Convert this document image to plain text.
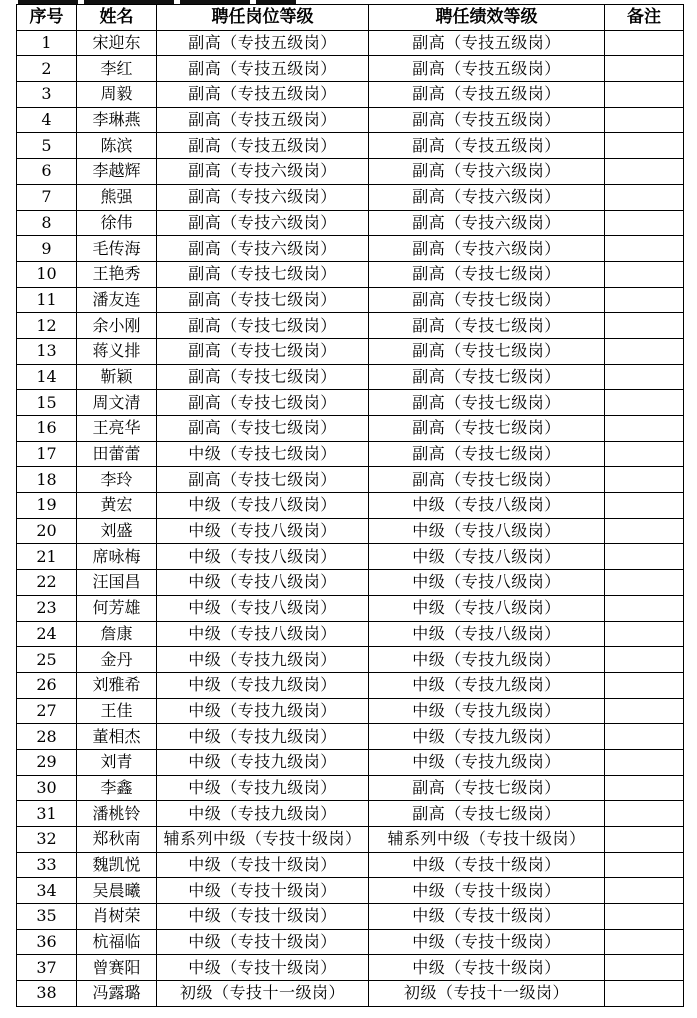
序号	姓名	聘任岗位等级	聘任绩效等级	备注
1	宋迎东	副高（专技五级岗）	副高（专技五级岗）	
2	李红	副高（专技五级岗）	副高（专技五级岗）	
3	周毅	副高（专技五级岗）	副高（专技五级岗）	
4	李琳燕	副高（专技五级岗）	副高（专技五级岗）	
5	陈滨	副高（专技五级岗）	副高（专技五级岗）	
6	李越辉	副高（专技六级岗）	副高（专技六级岗）	
7	熊强	副高（专技六级岗）	副高（专技六级岗）	
8	徐伟	副高（专技六级岗）	副高（专技六级岗）	
9	毛传海	副高（专技六级岗）	副高（专技六级岗）	
10	王艳秀	副高（专技七级岗）	副高（专技七级岗）	
11	潘友连	副高（专技七级岗）	副高（专技七级岗）	
12	余小刚	副高（专技七级岗）	副高（专技七级岗）	
13	蒋义排	副高（专技七级岗）	副高（专技七级岗）	
14	靳颖	副高（专技七级岗）	副高（专技七级岗）	
15	周文清	副高（专技七级岗）	副高（专技七级岗）	
16	王亮华	副高（专技七级岗）	副高（专技七级岗）	
17	田蕾蕾	中级（专技七级岗）	副高（专技七级岗）	
18	李玲	副高（专技七级岗）	副高（专技七级岗）	
19	黄宏	中级（专技八级岗）	中级（专技八级岗）	
20	刘盛	中级（专技八级岗）	中级（专技八级岗）	
21	席咏梅	中级（专技八级岗）	中级（专技八级岗）	
22	汪国昌	中级（专技八级岗）	中级（专技八级岗）	
23	何芳雄	中级（专技八级岗）	中级（专技八级岗）	
24	詹康	中级（专技八级岗）	中级（专技八级岗）	
25	金丹	中级（专技九级岗）	中级（专技九级岗）	
26	刘雅希	中级（专技九级岗）	中级（专技九级岗）	
27	王佳	中级（专技九级岗）	中级（专技九级岗）	
28	董相杰	中级（专技九级岗）	中级（专技九级岗）	
29	刘青	中级（专技九级岗）	中级（专技九级岗）	
30	李鑫	中级（专技九级岗）	副高（专技七级岗）	
31	潘桃铃	中级（专技九级岗）	副高（专技七级岗）	
32	郑秋南	辅系列中级（专技十级岗）	辅系列中级（专技十级岗）	
33	魏凯悦	中级（专技十级岗）	中级（专技十级岗）	
34	吴晨曦	中级（专技十级岗）	中级（专技十级岗）	
35	肖树荣	中级（专技十级岗）	中级（专技十级岗）	
36	杭福临	中级（专技十级岗）	中级（专技十级岗）	
37	曾赛阳	中级（专技十级岗）	中级（专技十级岗）	
38	冯露璐	初级（专技十一级岗）	初级（专技十一级岗）	
